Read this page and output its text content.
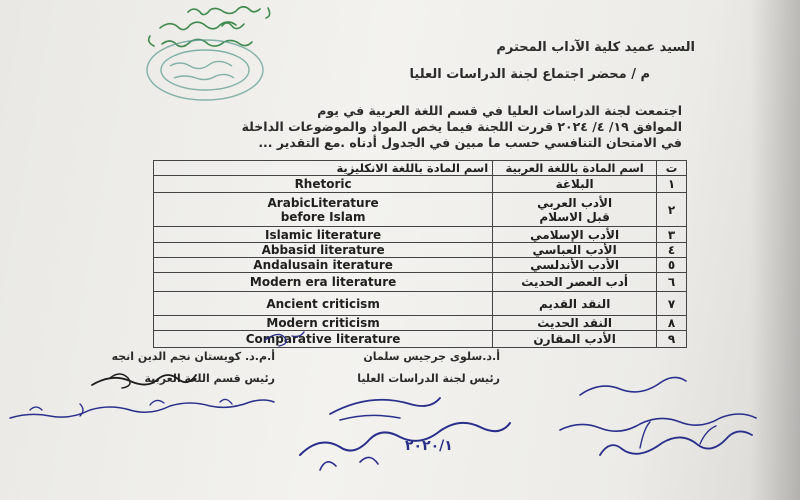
السيد عميد كلية الآداب المحترم
م / محضر اجتماع لجنة الدراسات العليا
اجتمعت لجنة الدراسات العليا في قسم اللغة العربية في يوم
الموافق ١٩/ ٤/ ٢٠٢٤ قررت اللجنة فيما يخص المواد والموضوعات الداخلة
في الامتحان التنافسي حسب ما مبين في الجدول أدناه .مع التقدير ...
اسم المادة باللغة الانكليزية	اسم المادة باللغة العربية	ت
Rhetoric	البلاغة	١
ArabicLiterature before Islam	الأدب العربي قبل الاسلام	٢
Islamic literature	الأدب الإسلامي	٣
Abbasid literature	الأدب العباسي	٤
Andalusain iterature	الأدب الأندلسي	٥
Modern era literature	أدب العصر الحديث	٦
Ancient criticism	النقد القديم	٧
Modern criticism	النقد الحديث	٨
Comparative literature	الأدب المقارن	٩
أ.د.سلوى جرجيس سلمان
رئيس لجنة الدراسات العليا
أ.م.د. كويستان نجم الدين انجه
رئيس قسم اللغة العربية
٢٠٢٠/١
